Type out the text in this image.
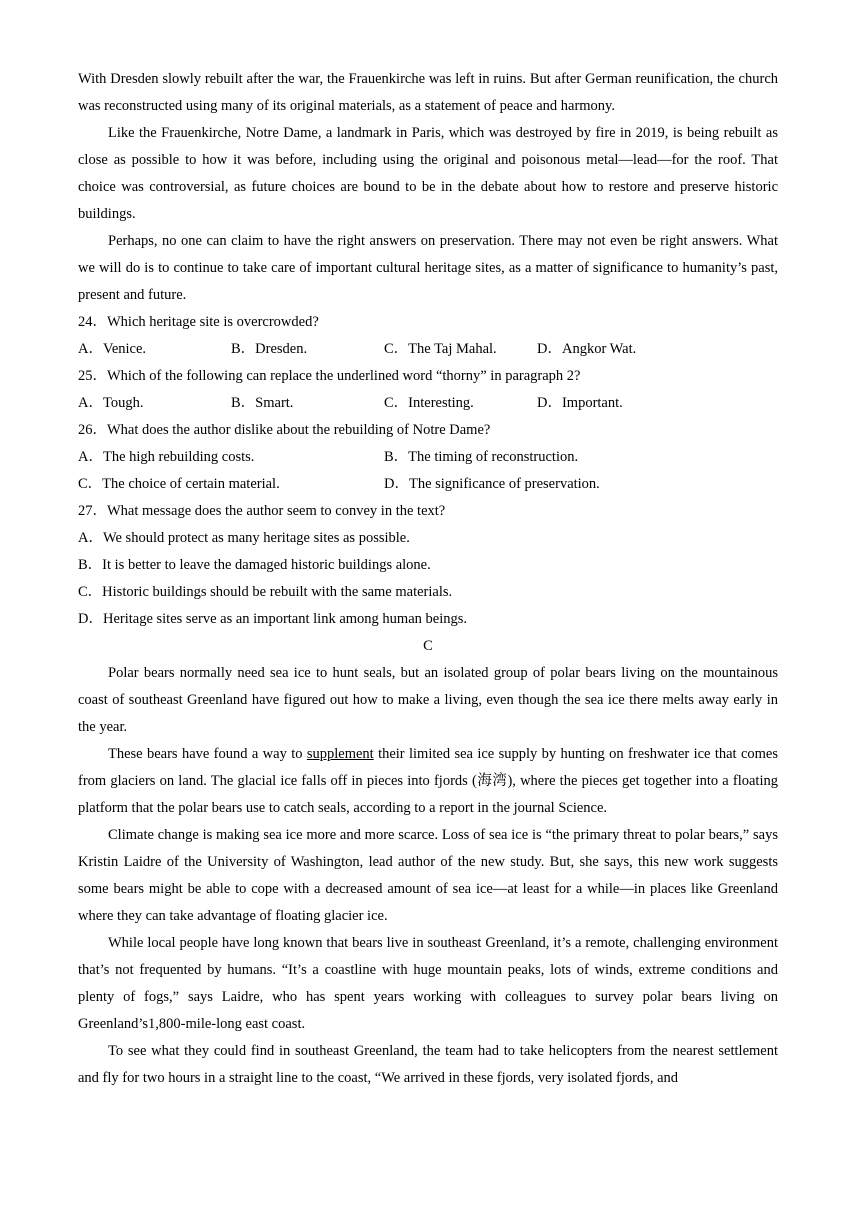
With Dresden slowly rebuilt after the war, the Frauenkirche was left in ruins. But after German reunification, the church was reconstructed using many of its original materials, as a statement of peace and harmony.

Like the Frauenkirche, Notre Dame, a landmark in Paris, which was destroyed by fire in 2019, is being rebuilt as close as possible to how it was before, including using the original and poisonous metal—lead—for the roof. That choice was controversial, as future choices are bound to be in the debate about how to restore and preserve historic buildings.

Perhaps, no one can claim to have the right answers on preservation. There may not even be right answers. What we will do is to continue to take care of important cultural heritage sites, as a matter of significance to humanity’s past, present and future.

24．Which heritage site is overcrowded?
A．Venice.	B．Dresden.	C．The Taj Mahal.	D．Angkor Wat.
25．Which of the following can replace the underlined word “thorny” in paragraph 2?
A．Tough.	B．Smart.	C．Interesting.	D．Important.
26．What does the author dislike about the rebuilding of Notre Dame?
A．The high rebuilding costs.	B．The timing of reconstruction.
C．The choice of certain material.	D．The significance of preservation.
27．What message does the author seem to convey in the text?
A．We should protect as many heritage sites as possible.
B．It is better to leave the damaged historic buildings alone.
C．Historic buildings should be rebuilt with the same materials.
D．Heritage sites serve as an important link among human beings.
C

Polar bears normally need sea ice to hunt seals, but an isolated group of polar bears living on the mountainous coast of southeast Greenland have figured out how to make a living, even though the sea ice there melts away early in the year.

These bears have found a way to supplement their limited sea ice supply by hunting on freshwater ice that comes from glaciers on land. The glacial ice falls off in pieces into fjords (海湾), where the pieces get together into a floating platform that the polar bears use to catch seals, according to a report in the journal Science.

Climate change is making sea ice more and more scarce. Loss of sea ice is “the primary threat to polar bears,” says Kristin Laidre of the University of Washington, lead author of the new study. But, she says, this new work suggests some bears might be able to cope with a decreased amount of sea ice—at least for a while—in places like Greenland where they can take advantage of floating glacier ice.

While local people have long known that bears live in southeast Greenland, it’s a remote, challenging environment that’s not frequented by humans. “It’s a coastline with huge mountain peaks, lots of winds, extreme conditions and plenty of fogs,” says Laidre, who has spent years working with colleagues to survey polar bears living on Greenland’s1,800-mile-long east coast.

To see what they could find in southeast Greenland, the team had to take helicopters from the nearest settlement and fly for two hours in a straight line to the coast, “We arrived in these fjords, very isolated fjords, and
